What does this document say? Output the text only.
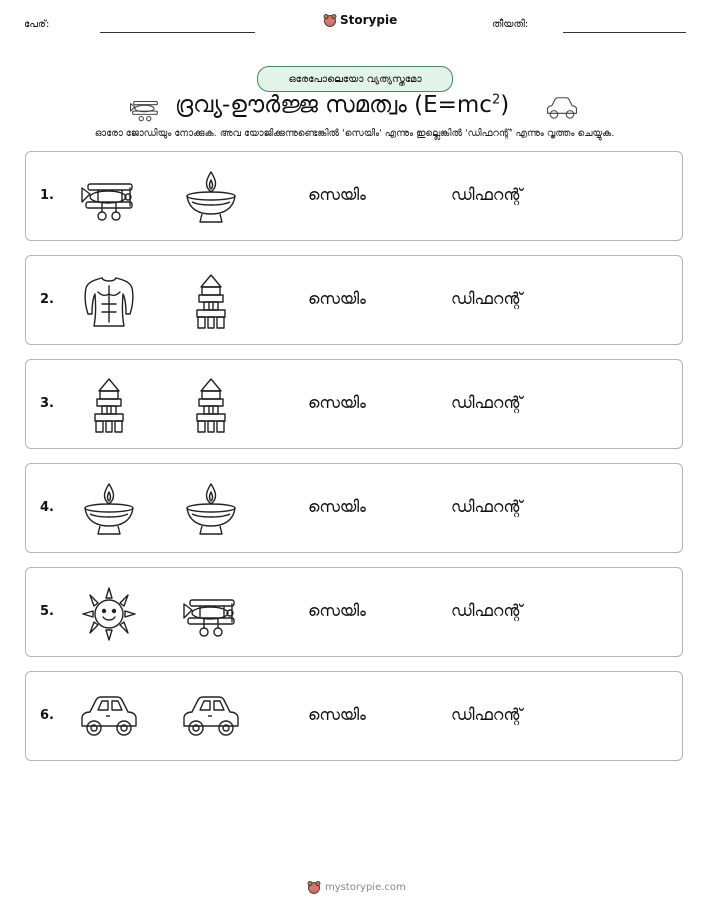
പേര്:	Storypie	തീയതി:
ഒരേപോലെയോ വ്യത്യസ്തമോ
ദ്രവ്യ-ഊർജ്ജ സമത്വം $(E=mc^2)$
ഓരോ ജോഡിയും നോക്കുക. അവ യോജിക്കുന്നുണ്ടെങ്കിൽ 'സെയിം' എന്നും ഇല്ലെങ്കിൽ 'ഡിഫറന്റ്' എന്നും വൃത്തം ചെയ്യുക.
1.	സെയിം	ഡിഫറന്റ്
2.	സെയിം	ഡിഫറന്റ്
3.	സെയിം	ഡിഫറന്റ്
4.	സെയിം	ഡിഫറന്റ്
5.	സെയിം	ഡിഫറന്റ്
6.	സെയിം	ഡിഫറന്റ്
mystorypie.com
